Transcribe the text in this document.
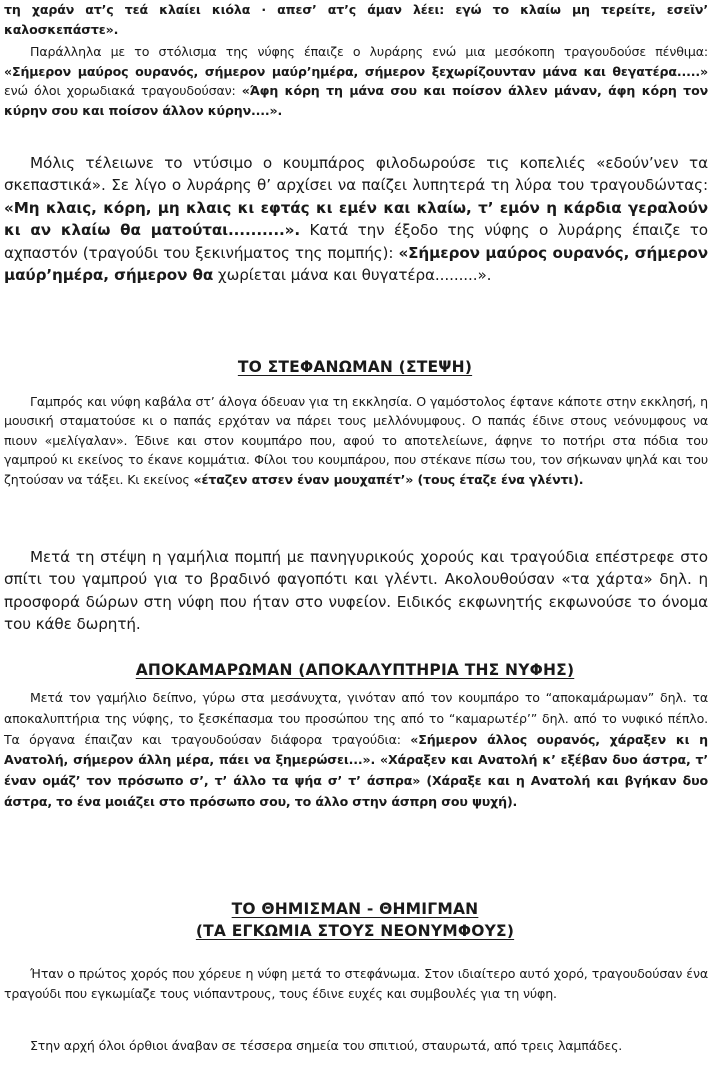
τη χαράν ατ’ς τεά κλαίει κιόλα · απεσ’ ατ’ς άμαν λέει: εγώ το κλαίω μη τερείτε, εσεϊν’ καλοσκεπάστε».

Παράλληλα με το στόλισμα της νύφης έπαιζε ο λυράρης ενώ μια μεσόκοπη τραγουδούσε πένθιμα: «Σήμερον μαύρος ουρανός, σήμερον μαύρ’ημέρα, σήμερον ξεχωρίζουνταν μάνα και θεγατέρα.....» ενώ όλοι χορωδιακά τραγουδούσαν: «Άφη κόρη τη μάνα σου και ποίσον άλλεν μάναν, άφη κόρη τον κύρην σου και ποίσον άλλον κύρην....».

Μόλις τέλειωνε το ντύσιμο ο κουμπάρος φιλοδωρούσε τις κοπελιές «εδούν’νεν τα σκεπαστικά». Σε λίγο ο λυράρης θ’ αρχίσει να παίζει λυπητερά τη λύρα του τραγουδώντας: «Μη κλαις, κόρη, μη κλαις κι εφτάς κι εμέν και κλαίω, τ’ εμόν η κάρδια γεραλούν κι αν κλαίω θα ματούται..........». Κατά την έξοδο της νύφης ο λυράρης έπαιζε το αχπαστόν (τραγούδι του ξεκινήματος της πομπής): «Σήμερον μαύρος ουρανός, σήμερον μαύρ’ημέρα, σήμερον θα χωρίεται μάνα και θυγατέρα.........».

ΤΟ ΣΤΕΦΑΝΩΜΑΝ (ΣΤΕΨΗ)

Γαμπρός και νύφη καβάλα στ’ άλογα όδευαν για τη εκκλησία. Ο γαμόστολος έφτανε κάποτε στην εκκλησή, η μουσική σταματούσε κι ο παπάς ερχόταν να πάρει τους μελλόνυμφους. Ο παπάς έδινε στους νεόνυμφους να πιουν «μελίγαλαν». Έδινε και στον κουμπάρο που, αφού το αποτελείωνε, άφηνε το ποτήρι στα πόδια του γαμπρού κι εκείνος το έκανε κομμάτια. Φίλοι του κουμπάρου, που στέκανε πίσω του, τον σήκωναν ψηλά και του ζητούσαν να τάξει. Κι εκείνος «έταζεν ατσεν έναν μουχαπέτ’» (τους έταζε ένα γλέντι).

Μετά τη στέψη η γαμήλια πομπή με πανηγυρικούς χορούς και τραγούδια επέστρεφε στο σπίτι του γαμπρού για το βραδινό φαγοπότι και γλέντι. Ακολουθούσαν «τα χάρτα» δηλ. η προσφορά δώρων στη νύφη που ήταν στο νυφείον. Ειδικός εκφωνητής εκφωνούσε το όνομα του κάθε δωρητή.

ΑΠΟΚΑΜΑΡΩΜΑΝ (ΑΠΟΚΑΛΥΠΤΗΡΙΑ ΤΗΣ ΝΥΦΗΣ)

Μετά τον γαμήλιο δείπνο, γύρω στα μεσάνυχτα, γινόταν από τον κουμπάρο το “αποκαμάρωμαν” δηλ. τα αποκαλυπτήρια της νύφης, το ξεσκέπασμα του προσώπου της από το “καμαρωτέρ’” δηλ. από το νυφικό πέπλο. Τα όργανα έπαιζαν και τραγουδούσαν διάφορα τραγούδια: «Σήμερον άλλος ουρανός, χάραξεν κι η Ανατολή, σήμερον άλλη μέρα, πάει να ξημερώσει...». «Χάραξεν και Ανατολή κ’ εξέβαν δυο άστρα, τ’ έναν ομάζ’ τον πρόσωπο σ’, τ’ άλλο τα ψήα σ’ τ’ άσπρα» (Χάραξε και η Ανατολή και βγήκαν δυο άστρα, το ένα μοιάζει στο πρόσωπο σου, το άλλο στην άσπρη σου ψυχή).

ΤΟ ΘΗΜΙΣΜΑΝ - ΘΗΜΙΓΜΑΝ
(ΤΑ ΕΓΚΩΜΙΑ ΣΤΟΥΣ ΝΕΟΝΥΜΦΟΥΣ)

Ήταν ο πρώτος χορός που χόρευε η νύφη μετά το στεφάνωμα. Στον ιδιαίτερο αυτό χορό, τραγουδούσαν ένα τραγούδι που εγκωμίαζε τους νιόπαντρους, τους έδινε ευχές και συμβουλές για τη νύφη.

Στην αρχή όλοι όρθιοι άναβαν σε τέσσερα σημεία του σπιτιού, σταυρωτά, από τρεις λαμπάδες.
